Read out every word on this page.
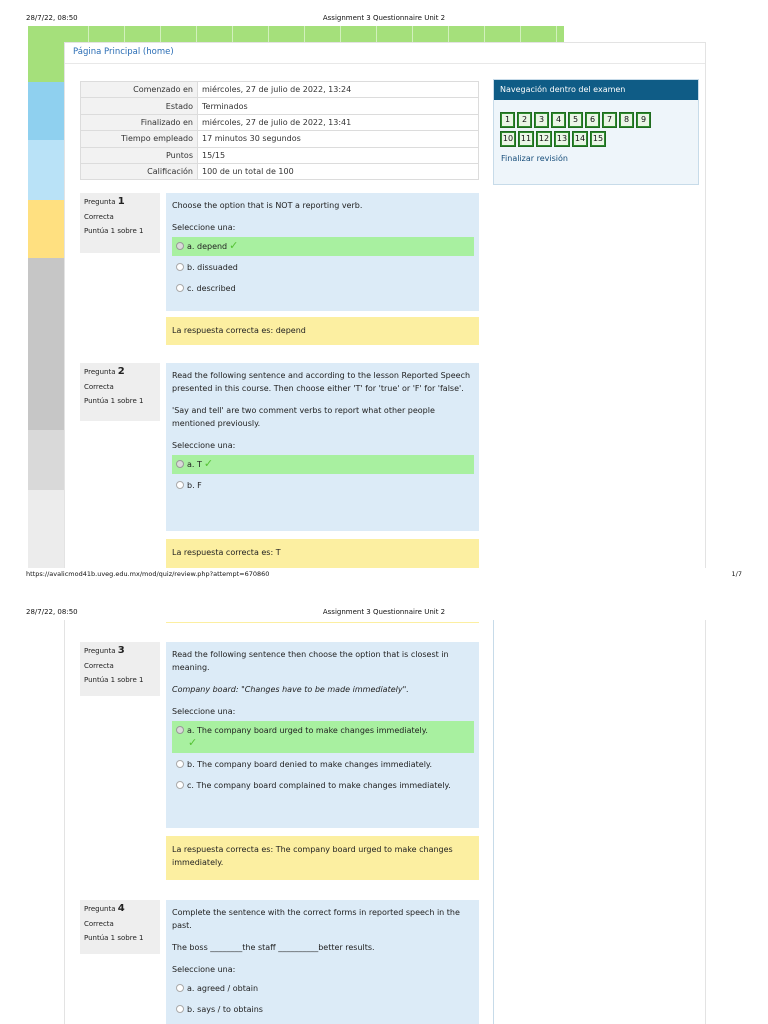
28/7/22, 08:50	Assignment 3 Questionnaire Unit 2
Página Principal (home)
Comenzado en	miércoles, 27 de julio de 2022, 13:24
Estado	Terminados
Finalizado en	miércoles, 27 de julio de 2022, 13:41
Tiempo empleado	17 minutos 30 segundos
Puntos	15/15
Calificación	100 de un total de 100
Navegación dentro del examen
1	2	3	4	5	6	7	8	9

10 11 12 13 14 15
Finalizar revisión
Pregunta 1
Correcta
Puntúa 1 sobre 1

Choose the option that is NOT a reporting verb.

Seleccione una:
a. depend ✓
b. dissuaded
c. described
La respuesta correcta es: depend
Pregunta 2
Correcta
Puntúa 1 sobre 1

Read the following sentence and according to the lesson Reported Speech presented in this course. Then choose either 'T' for 'true' or 'F' for 'false'.

'Say and tell' are two comment verbs to report what other people mentioned previously.

Seleccione una:
a. T ✓
b. F
La respuesta correcta es: T
https://avalicmod41b.uveg.edu.mx/mod/quiz/review.php?attempt=670860	1/7
28/7/22, 08:50	Assignment 3 Questionnaire Unit 2
Pregunta 3
Correcta
Puntúa 1 sobre 1

Read the following sentence then choose the option that is closest in meaning.

Company board: "Changes have to be made immediately".

Seleccione una:
a. The company board urged to make changes immediately.
✓
b. The company board denied to make changes immediately.
c. The company board complained to make changes immediately.
La respuesta correcta es: The company board urged to make changes immediately.
Pregunta 4
Correcta
Puntúa 1 sobre 1

Complete the sentence with the correct forms in reported speech in the past.

The boss ________the staff __________better results.

Seleccione una:
a. agreed / obtain
b. says / to obtains
